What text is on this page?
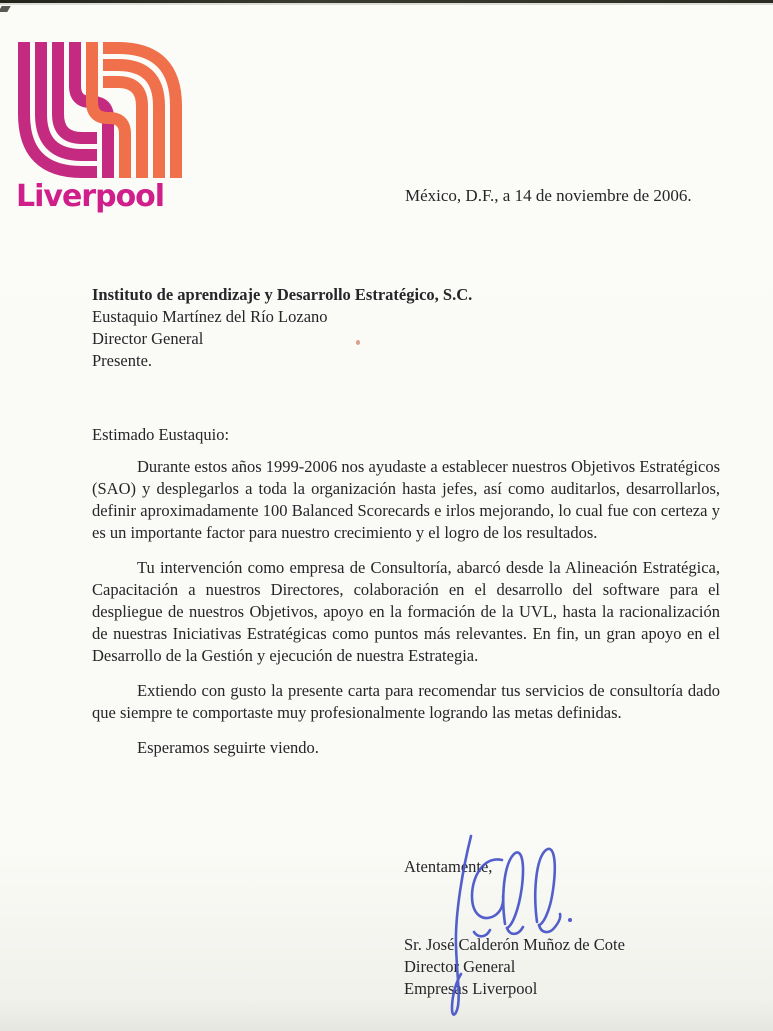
Liverpool	México, D.F., a 14 de noviembre de 2006.
Instituto de aprendizaje y Desarrollo Estratégico, S.C.
Eustaquio Martínez del Río Lozano
Director General
Presente.

Estimado Eustaquio:

Durante estos años 1999-2006 nos ayudaste a establecer nuestros Objetivos Estratégicos (SAO) y desplegarlos a toda la organización hasta jefes, así como auditarlos, desarrollarlos, definir aproximadamente 100 Balanced Scorecards e irlos mejorando, lo cual fue con certeza y es un importante factor para nuestro crecimiento y el logro de los resultados.

Tu intervención como empresa de Consultoría, abarcó desde la Alineación Estratégica, Capacitación a nuestros Directores, colaboración en el desarrollo del software para el despliegue de nuestros Objetivos, apoyo en la formación de la UVL, hasta la racionalización de nuestras Iniciativas Estratégicas como puntos más relevantes. En fin, un gran apoyo en el Desarrollo de la Gestión y ejecución de nuestra Estrategia.

Extiendo con gusto la presente carta para recomendar tus servicios de consultoría dado que siempre te comportaste muy profesionalmente logrando las metas definidas.

Esperamos seguirte viendo.

Atentamente,
Sr. José Calderón Muñoz de Cote
Director General
Empresas Liverpool
